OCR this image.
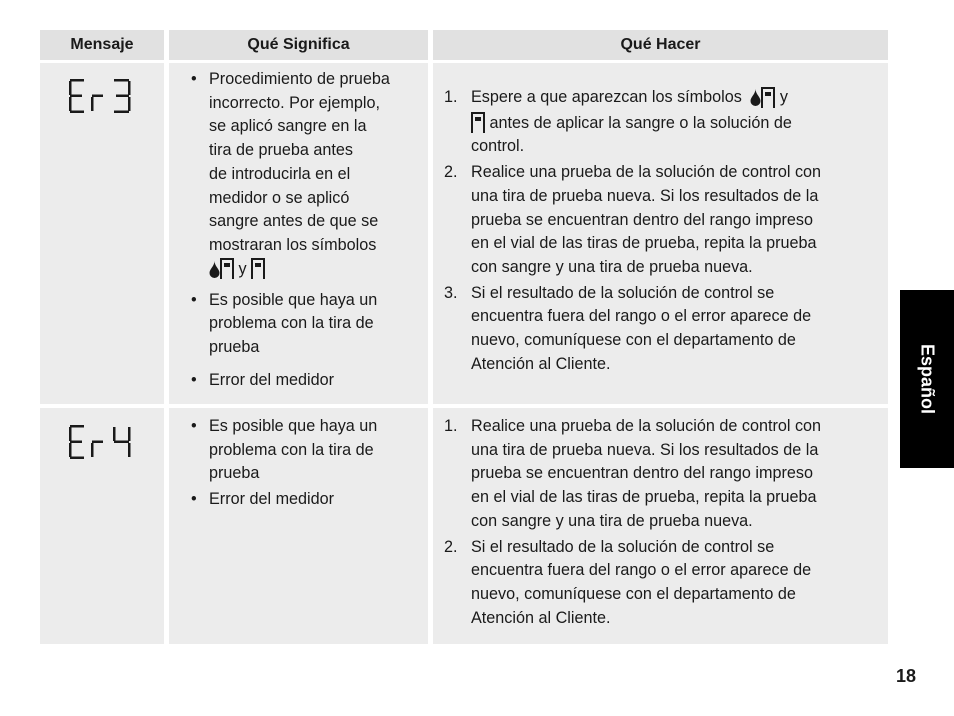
Mensaje	Qué Significa	Qué Hacer
• Procedimiento de prueba
incorrecto. Por ejemplo,
se aplicó sangre en la
tira de prueba antes
de introducirla en el
medidor o se aplicó
sangre antes de que se
mostraran los símbolos
y
• Es posible que haya un
problema con la tira de
prueba
• Error del medidor
1. Espere a que aparezcan los símbolos y
antes de aplicar la sangre o la solución de
control.
2. Realice una prueba de la solución de control con
una tira de prueba nueva. Si los resultados de la
prueba se encuentran dentro del rango impreso
en el vial de las tiras de prueba, repita la prueba
con sangre y una tira de prueba nueva.
3. Si el resultado de la solución de control se
encuentra fuera del rango o el error aparece de
nuevo, comuníquese con el departamento de
Atención al Cliente.
• Es posible que haya un
problema con la tira de
prueba
• Error del medidor
1. Realice una prueba de la solución de control con
una tira de prueba nueva. Si los resultados de la
prueba se encuentran dentro del rango impreso
en el vial de las tiras de prueba, repita la prueba
con sangre y una tira de prueba nueva.
2. Si el resultado de la solución de control se
encuentra fuera del rango o el error aparece de
nuevo, comuníquese con el departamento de
Atención al Cliente.
Español
18
